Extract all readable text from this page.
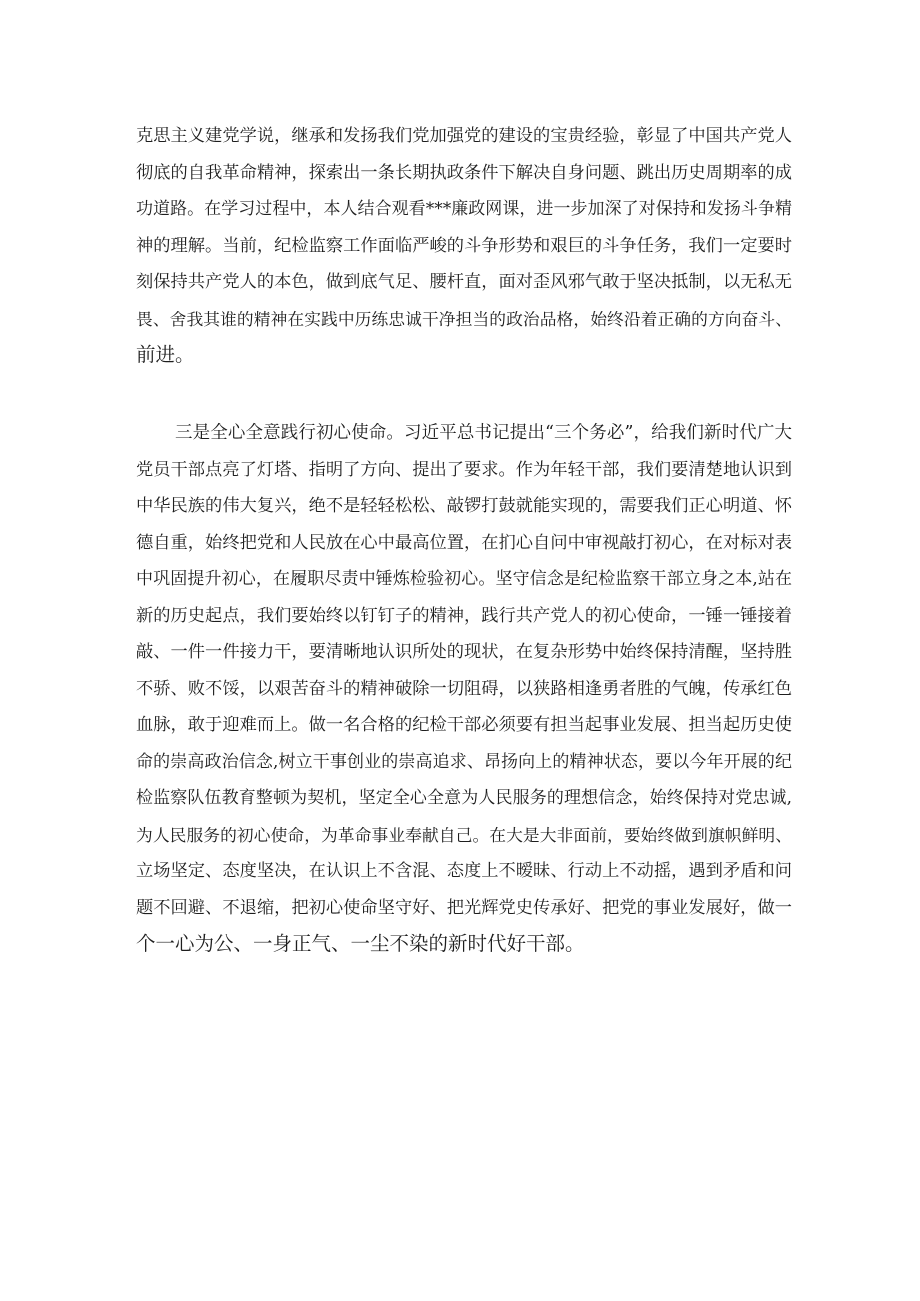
克思主义建党学说，继承和发扬我们党加强党的建设的宝贵经验，彰显了中国共产党人
彻底的自我革命精神，探索出一条长期执政条件下解决自身问题、跳出历史周期率的成
功道路。在学习过程中，本人结合观看***廉政网课，进一步加深了对保持和发扬斗争精
神的理解。当前，纪检监察工作面临严峻的斗争形势和艰巨的斗争任务，我们一定要时
刻保持共产党人的本色，做到底气足、腰杆直，面对歪风邪气敢于坚决抵制，以无私无
畏、舍我其谁的精神在实践中历练忠诚干净担当的政治品格，始终沿着正确的方向奋斗、
前进。
三是全心全意践行初心使命。习近平总书记提出“三个务必”，给我们新时代广大
党员干部点亮了灯塔、指明了方向、提出了要求。作为年轻干部，我们要清楚地认识到
中华民族的伟大复兴，绝不是轻轻松松、敲锣打鼓就能实现的，需要我们正心明道、怀
德自重，始终把党和人民放在心中最高位置，在扪心自问中审视敲打初心，在对标对表
中巩固提升初心，在履职尽责中锤炼检验初心。坚守信念是纪检监察干部立身之本,站在
新的历史起点，我们要始终以钉钉子的精神，践行共产党人的初心使命，一锤一锤接着
敲、一件一件接力干，要清晰地认识所处的现状，在复杂形势中始终保持清醒，坚持胜
不骄、败不馁，以艰苦奋斗的精神破除一切阻碍，以狭路相逢勇者胜的气魄，传承红色
血脉，敢于迎难而上。做一名合格的纪检干部必须要有担当起事业发展、担当起历史使
命的崇高政治信念,树立干事创业的崇高追求、昂扬向上的精神状态，要以今年开展的纪
检监察队伍教育整顿为契机，坚定全心全意为人民服务的理想信念，始终保持对党忠诚,
为人民服务的初心使命，为革命事业奉献自己。在大是大非面前，要始终做到旗帜鲜明、
立场坚定、态度坚决，在认识上不含混、态度上不暧昧、行动上不动摇，遇到矛盾和问
题不回避、不退缩，把初心使命坚守好、把光辉党史传承好、把党的事业发展好，做一
个一心为公、一身正气、一尘不染的新时代好干部。
